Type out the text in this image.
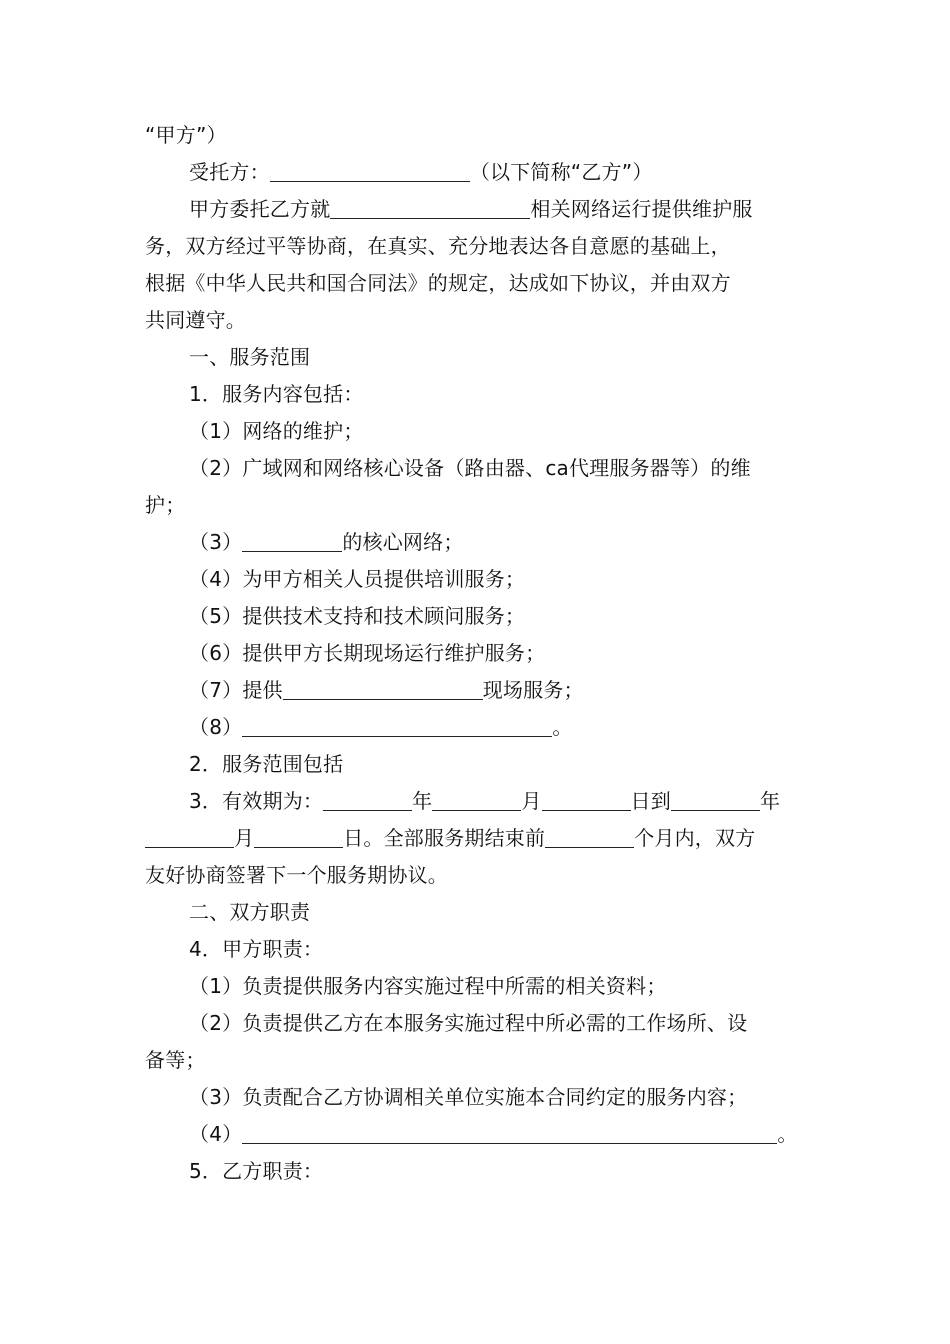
“甲方”）
受托方：	（以下简称“乙方”）
甲方委托乙方就	相关网络运行提供维护服
务，双方经过平等协商，在真实、充分地表达各自意愿的基础上，
根据《中华人民共和国合同法》的规定，达成如下协议，并由双方
共同遵守。
一、服务范围
1．服务内容包括：
（1）网络的维护；
（2）广域网和网络核心设备（路由器、ca代理服务器等）的维
护；
（3）	的核心网络；
（4）为甲方相关人员提供培训服务；
（5）提供技术支持和技术顾问服务；
（6）提供甲方长期现场运行维护服务；
（7）提供	现场服务；
（8）	。
2．服务范围包括
3．有效期为：	年	月	日到	年
月	日。全部服务期结束前	个月内，双方
友好协商签署下一个服务期协议。
二、双方职责
4．甲方职责：
（1）负责提供服务内容实施过程中所需的相关资料；
（2）负责提供乙方在本服务实施过程中所必需的工作场所、设
备等；
（3）负责配合乙方协调相关单位实施本合同约定的服务内容；
（4）	。
5．乙方职责：
